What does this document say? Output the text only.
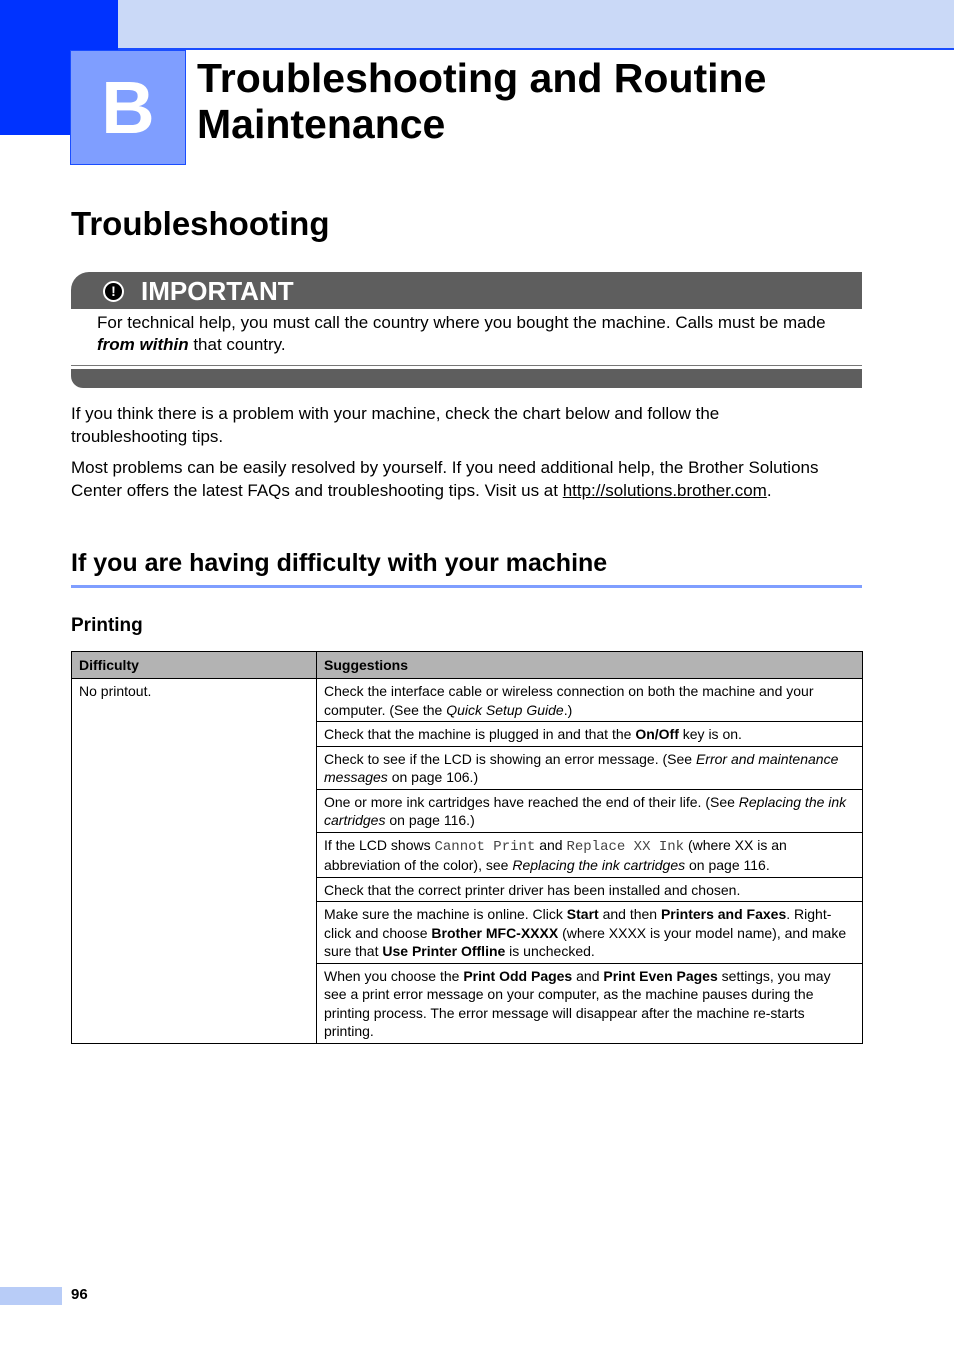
B	Troubleshooting and Routine Maintenance
Troubleshooting
! IMPORTANT
For technical help, you must call the country where you bought the machine. Calls must be made from within that country.
If you think there is a problem with your machine, check the chart below and follow the troubleshooting tips.
Most problems can be easily resolved by yourself. If you need additional help, the Brother Solutions Center offers the latest FAQs and troubleshooting tips. Visit us at http://solutions.brother.com.
If you are having difficulty with your machine
Printing
Difficulty	Suggestions
No printout.	Check the interface cable or wireless connection on both the machine and your computer. (See the Quick Setup Guide.)
	Check that the machine is plugged in and that the On/Off key is on.
	Check to see if the LCD is showing an error message. (See Error and maintenance messages on page 106.)
	One or more ink cartridges have reached the end of their life. (See Replacing the ink cartridges on page 116.)
	If the LCD shows Cannot Print and Replace XX Ink (where XX is an abbreviation of the color), see Replacing the ink cartridges on page 116.
	Check that the correct printer driver has been installed and chosen.
	Make sure the machine is online. Click Start and then Printers and Faxes. Right-click and choose Brother MFC-XXXX (where XXXX is your model name), and make sure that Use Printer Offline is unchecked.
	When you choose the Print Odd Pages and Print Even Pages settings, you may see a print error message on your computer, as the machine pauses during the printing process. The error message will disappear after the machine re-starts printing.
96
